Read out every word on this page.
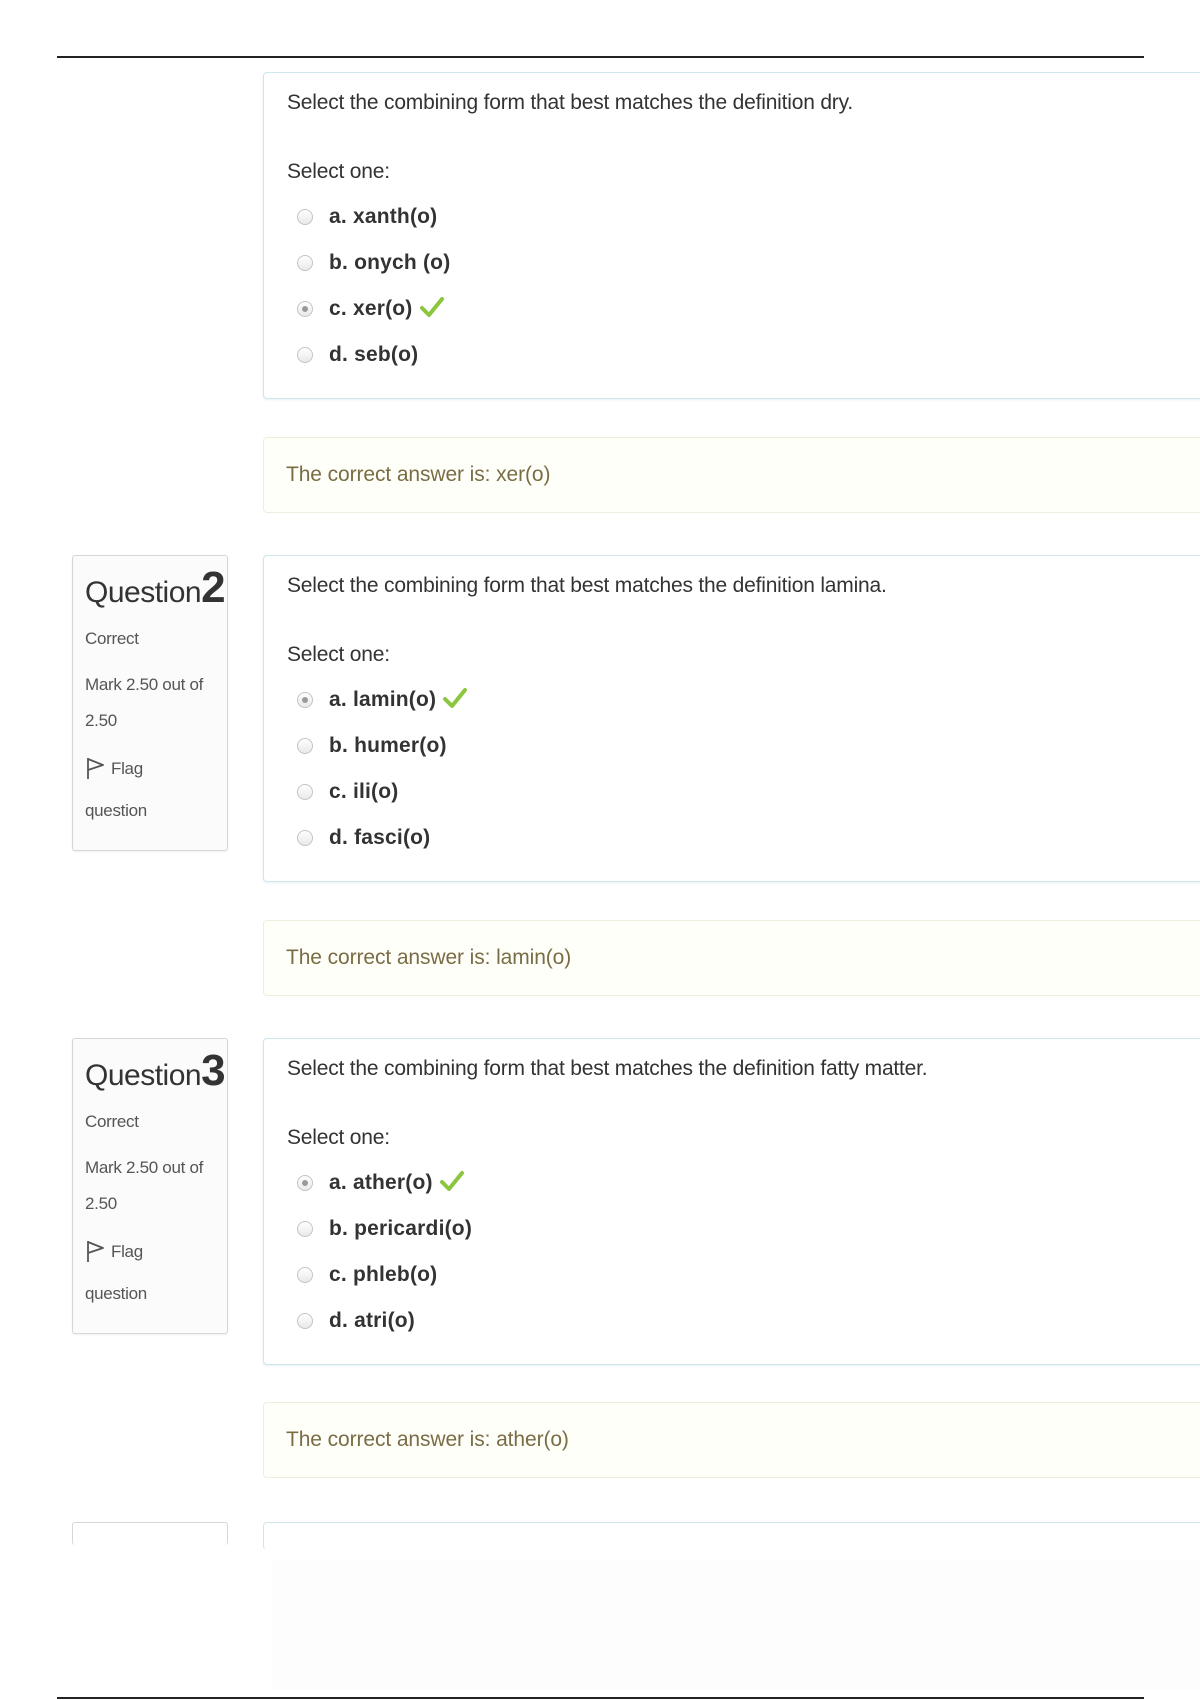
Select the combining form that best matches the definition dry.
Select one:
a. xanth(o)
b. onych (o)
c. xer(o)
d. seb(o)
The correct answer is: xer(o)
Question2
Correct
Mark 2.50 out of
2.50
Flag
question
Select the combining form that best matches the definition lamina.
Select one:
a. lamin(o)
b. humer(o)
c. ili(o)
d. fasci(o)
The correct answer is: lamin(o)
Question3
Correct
Mark 2.50 out of
2.50
Flag
question
Select the combining form that best matches the definition fatty matter.
Select one:
a. ather(o)
b. pericardi(o)
c. phleb(o)
d. atri(o)
The correct answer is: ather(o)
